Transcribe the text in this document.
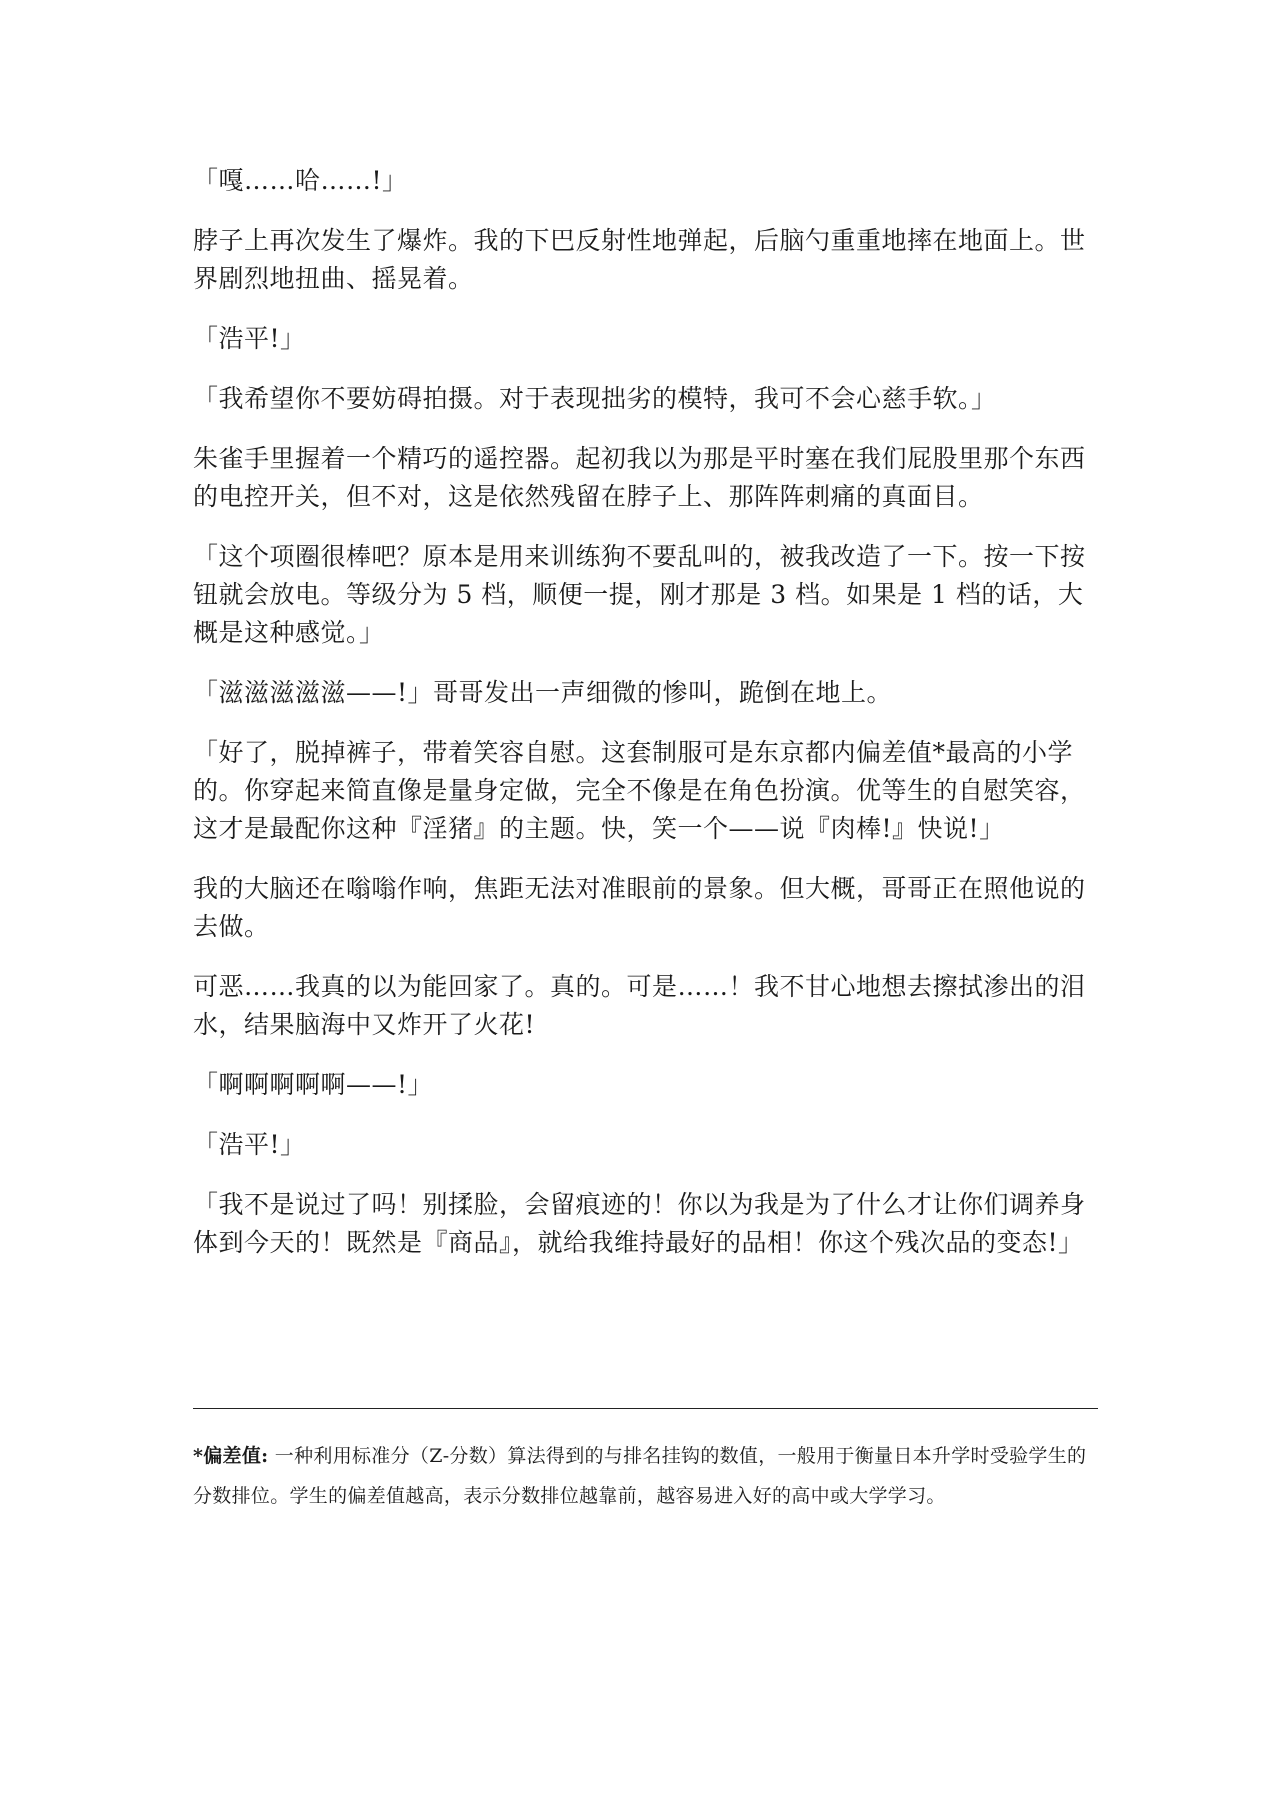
「嘎……哈……!」

脖子上再次发生了爆炸。我的下巴反射性地弹起，后脑勺重重地摔在地面上。世界剧烈地扭曲、摇晃着。

「浩平!」

「我希望你不要妨碍拍摄。对于表现拙劣的模特，我可不会心慈手软。」

朱雀手里握着一个精巧的遥控器。起初我以为那是平时塞在我们屁股里那个东西的电控开关，但不对，这是依然残留在脖子上、那阵阵刺痛的真面目。

「这个项圈很棒吧？原本是用来训练狗不要乱叫的，被我改造了一下。按一下按钮就会放电。等级分为 5 档，顺便一提，刚才那是 3 档。如果是 1 档的话，大概是这种感觉。」

「滋滋滋滋滋——!」哥哥发出一声细微的惨叫，跪倒在地上。

「好了，脱掉裤子，带着笑容自慰。这套制服可是东京都内偏差值*最高的小学的。你穿起来简直像是量身定做，完全不像是在角色扮演。优等生的自慰笑容，这才是最配你这种『淫猪』的主题。快，笑一个——说『肉棒!』快说!」

我的大脑还在嗡嗡作响，焦距无法对准眼前的景象。但大概，哥哥正在照他说的去做。

可恶……我真的以为能回家了。真的。可是……！我不甘心地想去擦拭渗出的泪水，结果脑海中又炸开了火花!

「啊啊啊啊啊——!」

「浩平!」

「我不是说过了吗！别揉脸，会留痕迹的！你以为我是为了什么才让你们调养身体到今天的！既然是『商品』，就给我维持最好的品相！你这个残次品的变态!」

*偏差值: 一种利用标准分（Z-分数）算法得到的与排名挂钩的数值，一般用于衡量日本升学时受验学生的分数排位。学生的偏差值越高，表示分数排位越靠前，越容易进入好的高中或大学学习。
